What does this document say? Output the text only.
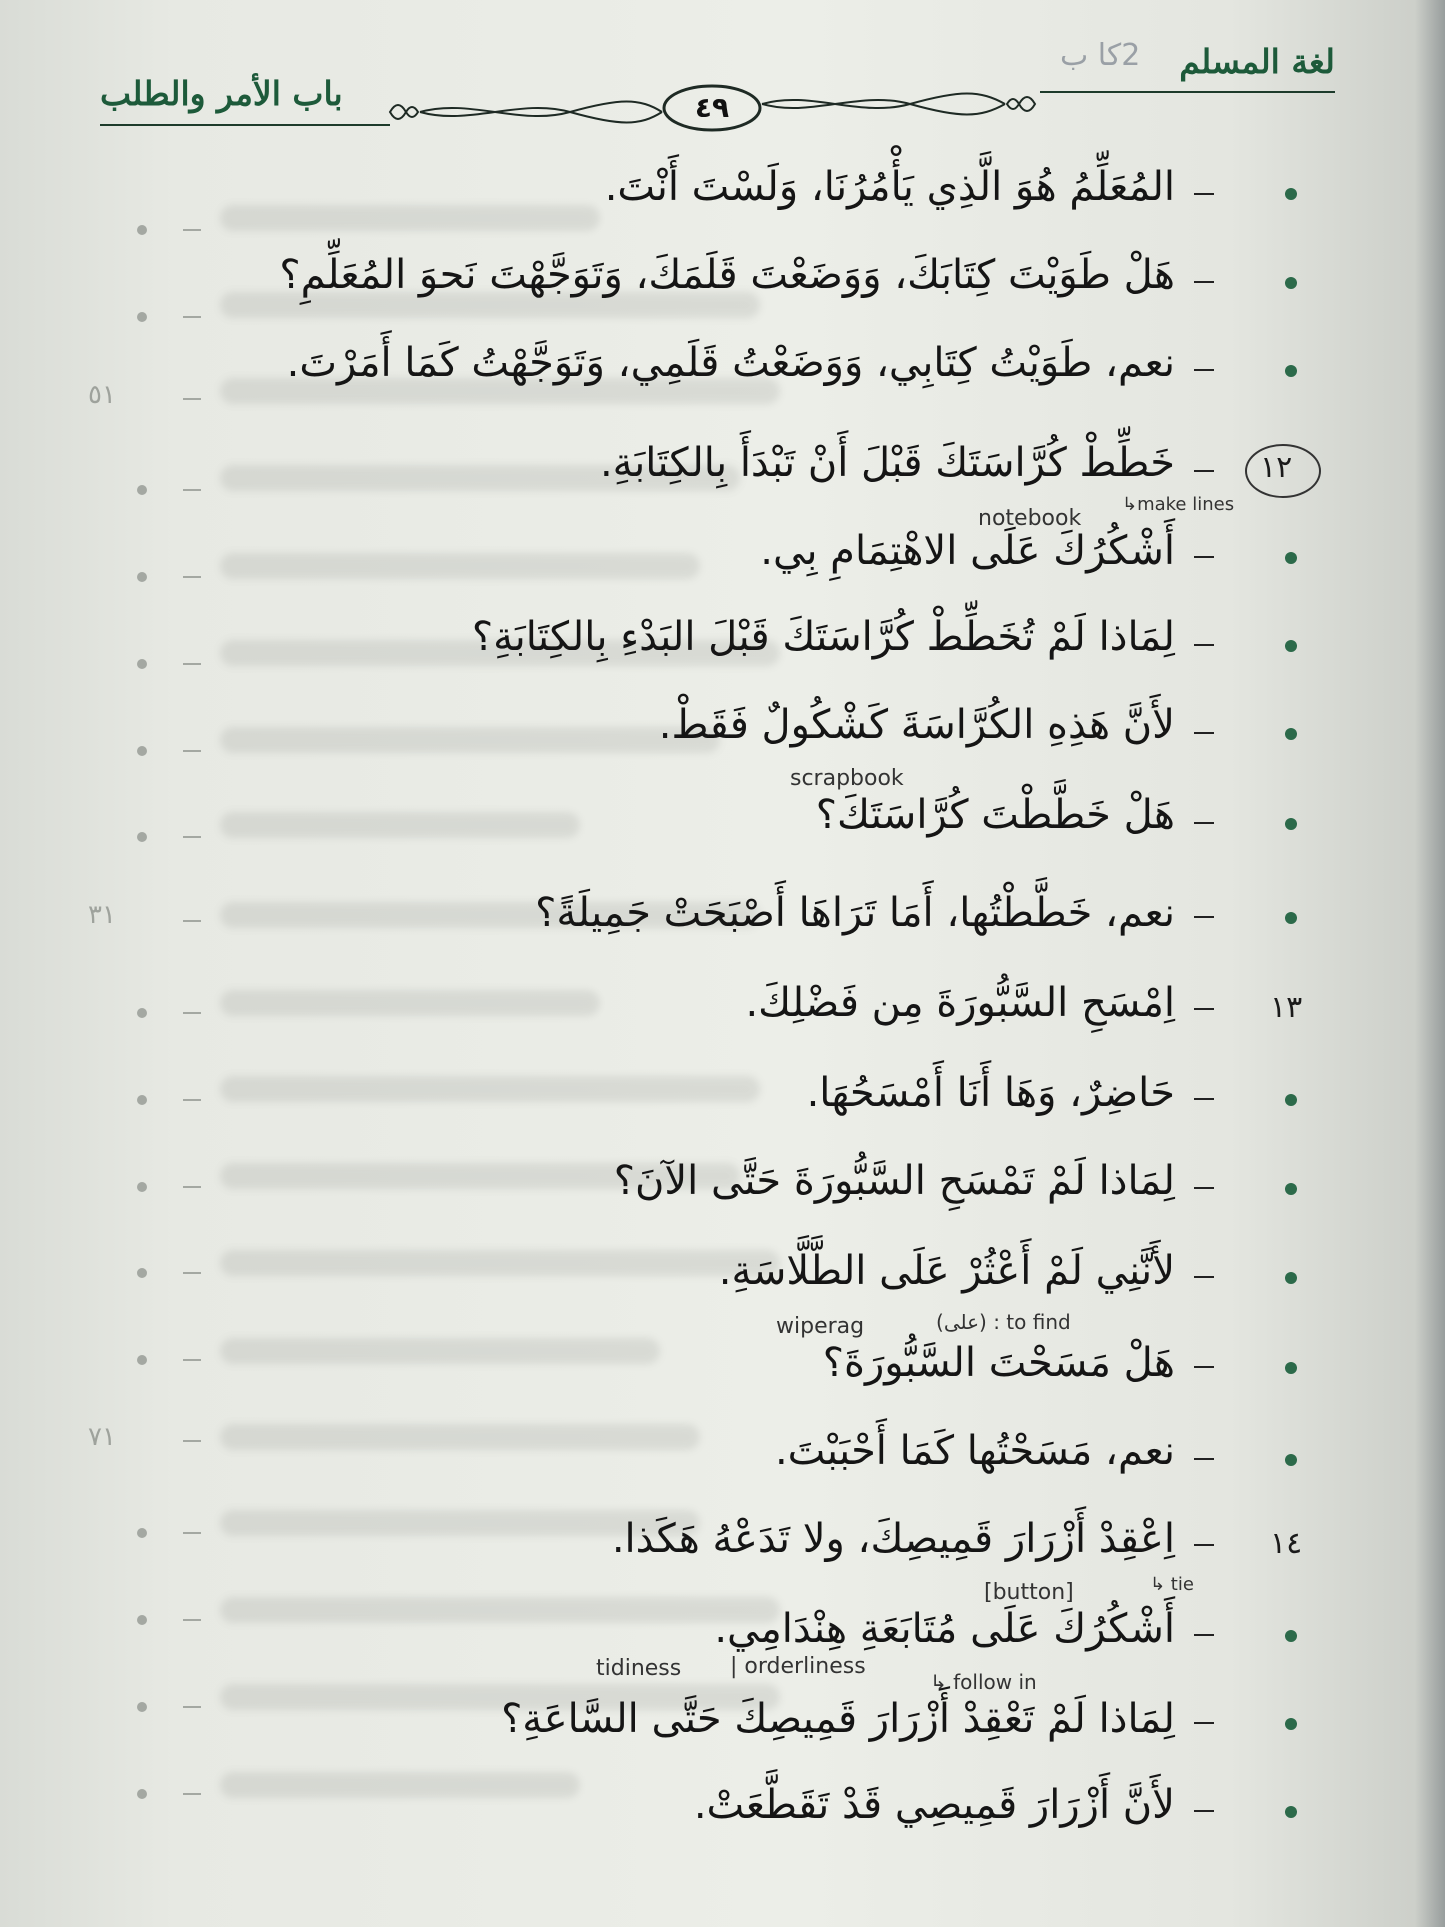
٥١
٣١
٧١
لغة المسلم
2كا ب
باب الأمر والطلب	٤٩
المُعَلِّمُ هُوَ الَّذِي يَأْمُرُنَا، وَلَسْتَ أَنْتَ.
هَلْ طَوَيْتَ كِتَابَكَ، وَوَضَعْتَ قَلَمَكَ، وَتَوَجَّهْتَ نَحوَ المُعَلِّمِ؟
نعم، طَوَيْتُ كِتَابِي، وَوَضَعْتُ قَلَمِي، وَتَوَجَّهْتُ كَمَا أَمَرْتَ.
١٢
خَطِّطْ كُرَّاسَتَكَ قَبْلَ أَنْ تَبْدَأَ بِالكِتَابَةِ.
أَشْكُرُكَ عَلَى الاهْتِمَامِ بِي.
لِمَاذا لَمْ تُخَطِّطْ كُرَّاسَتَكَ قَبْلَ البَدْءِ بِالكِتَابَةِ؟
لأَنَّ هَذِهِ الكُرَّاسَةَ كَشْكُولٌ فَقَطْ.
هَلْ خَطَّطْتَ كُرَّاسَتَكَ؟
نعم، خَطَّطْتُها، أَمَا تَرَاهَا أَصْبَحَتْ جَمِيلَةً؟
١٣
اِمْسَحِ السَّبُّورَةَ مِن فَضْلِكَ.
حَاضِرٌ، وَهَا أَنَا أَمْسَحُهَا.
لِمَاذا لَمْ تَمْسَحِ السَّبُّورَةَ حَتَّى الآنَ؟
لأَنَّنِي لَمْ أَعْثُرْ عَلَى الطَّلَّاسَةِ.
هَلْ مَسَحْتَ السَّبُّورَةَ؟
نعم، مَسَحْتُها كَمَا أَحْبَبْتَ.
١٤
اِعْقِدْ أَزْرَارَ قَمِيصِكَ، ولا تَدَعْهُ هَكَذا.
أَشْكُرُكَ عَلَى مُتَابَعَةِ هِنْدَامِي.
لِمَاذا لَمْ تَعْقِدْ أَزْرَارَ قَمِيصِكَ حَتَّى السَّاعَةِ؟
لأَنَّ أَزْرَارَ قَمِيصِي قَدْ تَقَطَّعَتْ.
notebook
↳make lines
scrapbook
wiperag	(على) : to find
[button]	↳ tie
tidiness | orderliness
↳ follow in
